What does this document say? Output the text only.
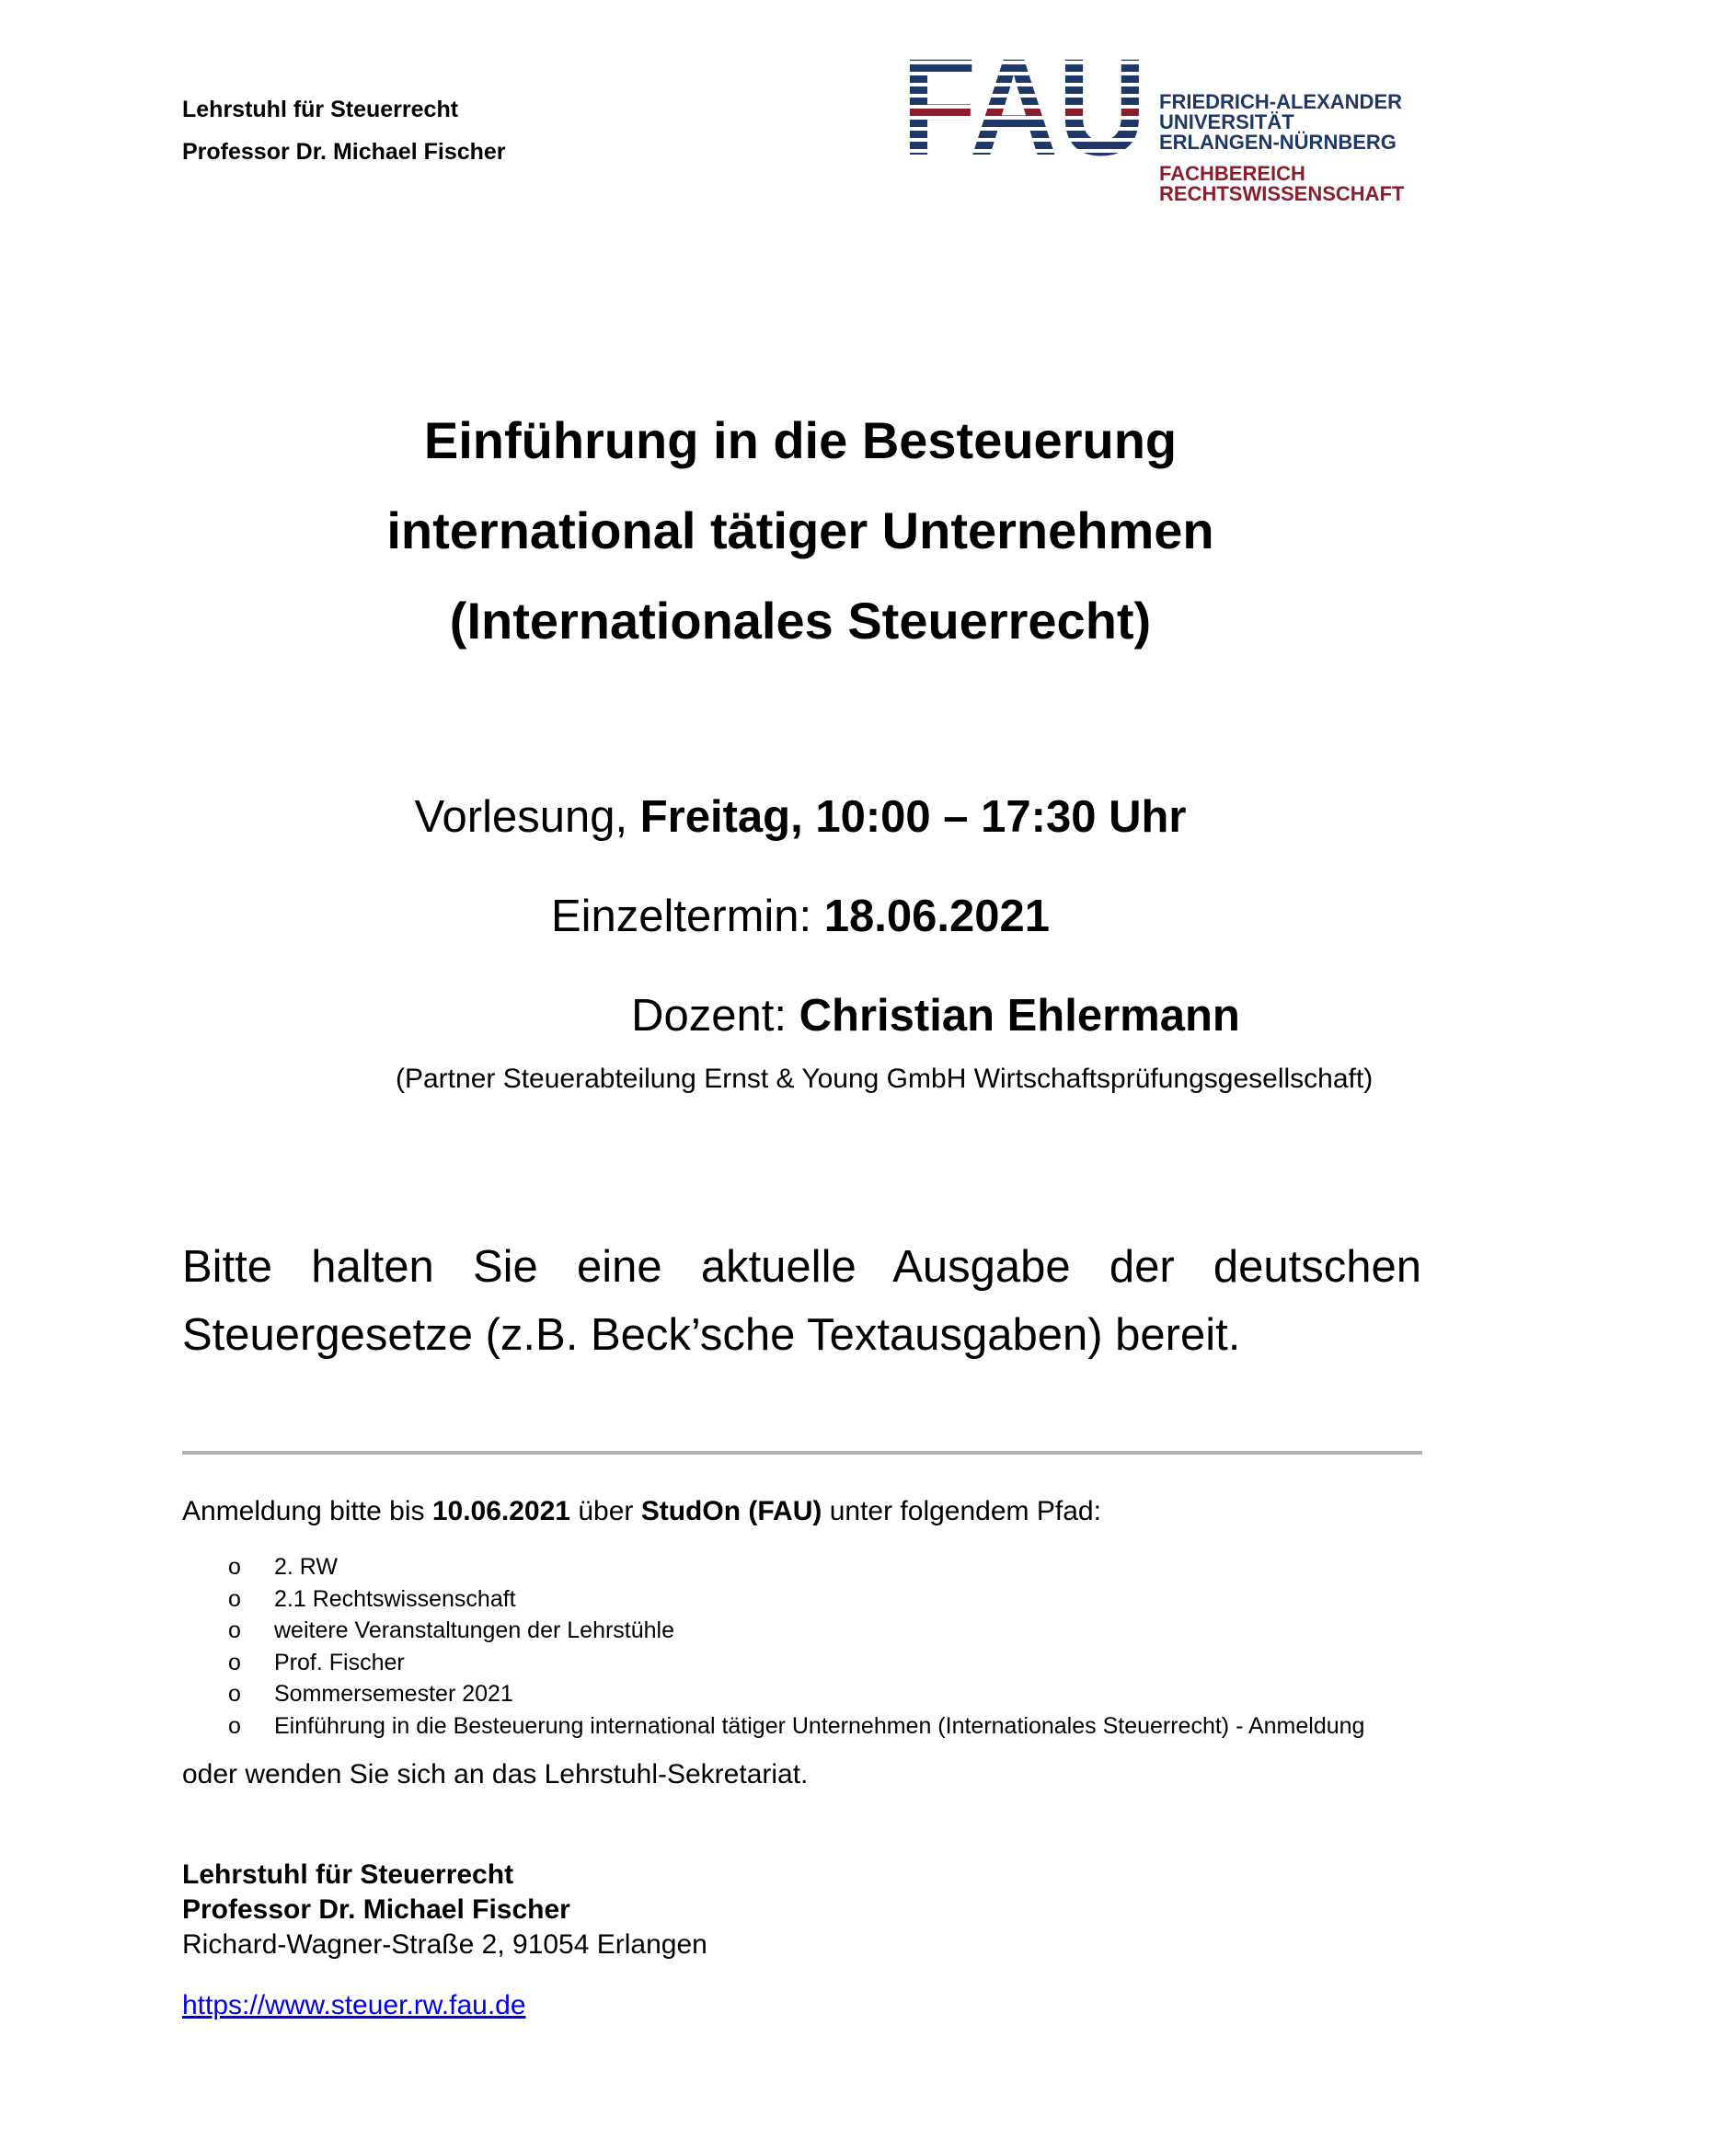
Lehrstuhl für Steuerrecht
Professor Dr. Michael Fischer	FAU
FRIEDRICH-ALEXANDER
UNIVERSITÄT
ERLANGEN-NÜRNBERG
FACHBEREICH
RECHTSWISSENSCHAFT
Einführung in die Besteuerung
international tätiger Unternehmen
(Internationales Steuerrecht)
Vorlesung, Freitag, 10:00 – 17:30 Uhr
Einzeltermin: 18.06.2021
Dozent: Christian Ehlermann
(Partner Steuerabteilung Ernst & Young GmbH Wirtschaftsprüfungsgesellschaft)
Bitte halten Sie eine aktuelle Ausgabe der deutschen Steuergesetze (z.B. Beck’sche Textausgaben) bereit.
Anmeldung bitte bis 10.06.2021 über StudOn (FAU) unter folgendem Pfad:
o 2. RW
o 2.1 Rechtswissenschaft
o weitere Veranstaltungen der Lehrstühle
o Prof. Fischer
o Sommersemester 2021
o Einführung in die Besteuerung international tätiger Unternehmen (Internationales Steuerrecht) - Anmeldung
oder wenden Sie sich an das Lehrstuhl-Sekretariat.
Lehrstuhl für Steuerrecht
Professor Dr. Michael Fischer
Richard-Wagner-Straße 2, 91054 Erlangen
https://www.steuer.rw.fau.de
